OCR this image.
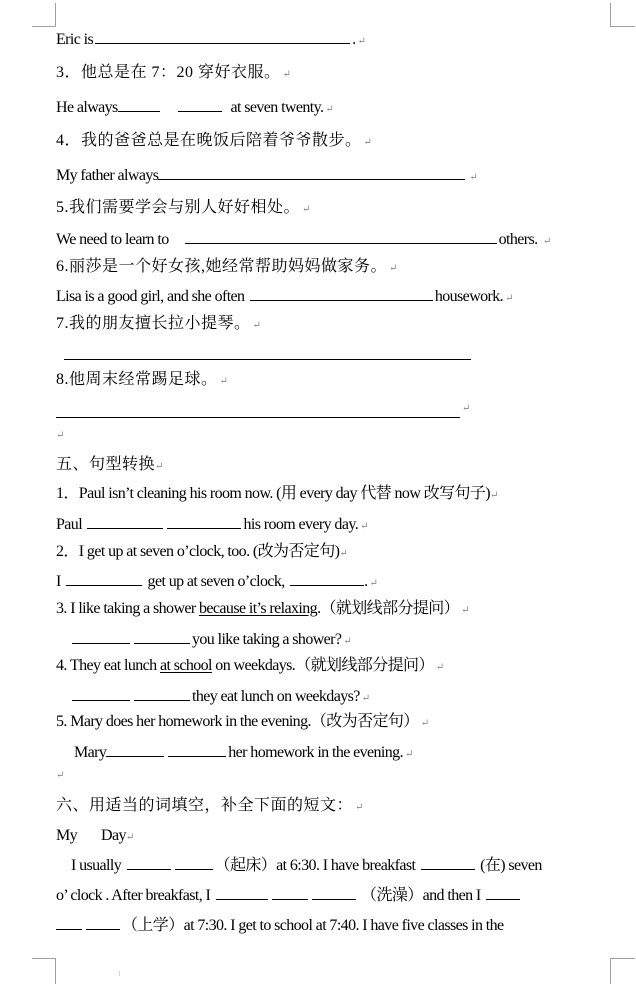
Eric is	. ↵
3．他总是在 7：20 穿好衣服。 ↵
He always	at seven twenty. ↵
4．我的爸爸总是在晚饭后陪着爷爷散步。 ↵
My father always	↵
5.我们需要学会与别人好好相处。 ↵
We need to learn to	others. ↵
6.丽莎是一个好女孩,她经常帮助妈妈做家务。 ↵
Lisa is a good girl, and she often	housework. ↵
7.我的朋友擅长拉小提琴。 ↵
8.他周末经常踢足球。 ↵
↵
↵
五、句型转换↵
1．Paul isn’t cleaning his room now. (用 every day 代替 now 改写句子)↵
Paul	his room every day. ↵
2．I get up at seven o’clock, too. (改为否定句)↵
I	get up at seven o’clock,	. ↵
3. I like taking a shower because it’s relaxing.（就划线部分提问） ↵
you like taking a shower? ↵
4. They eat lunch at school on weekdays.（就划线部分提问） ↵
they eat lunch on weekdays? ↵
5. Mary does her homework in the evening.（改为否定句） ↵
Mary	her homework in the evening. ↵
↵
六、用适当的词填空，补全下面的短文： ↵
My Day↵
I usually	（起床）at 6:30. I have breakfast	(在) seven
o’ clock . After breakfast, I	（洗澡）and then I
（上学）at 7:30. I get to school at 7:40. I have five classes in the
